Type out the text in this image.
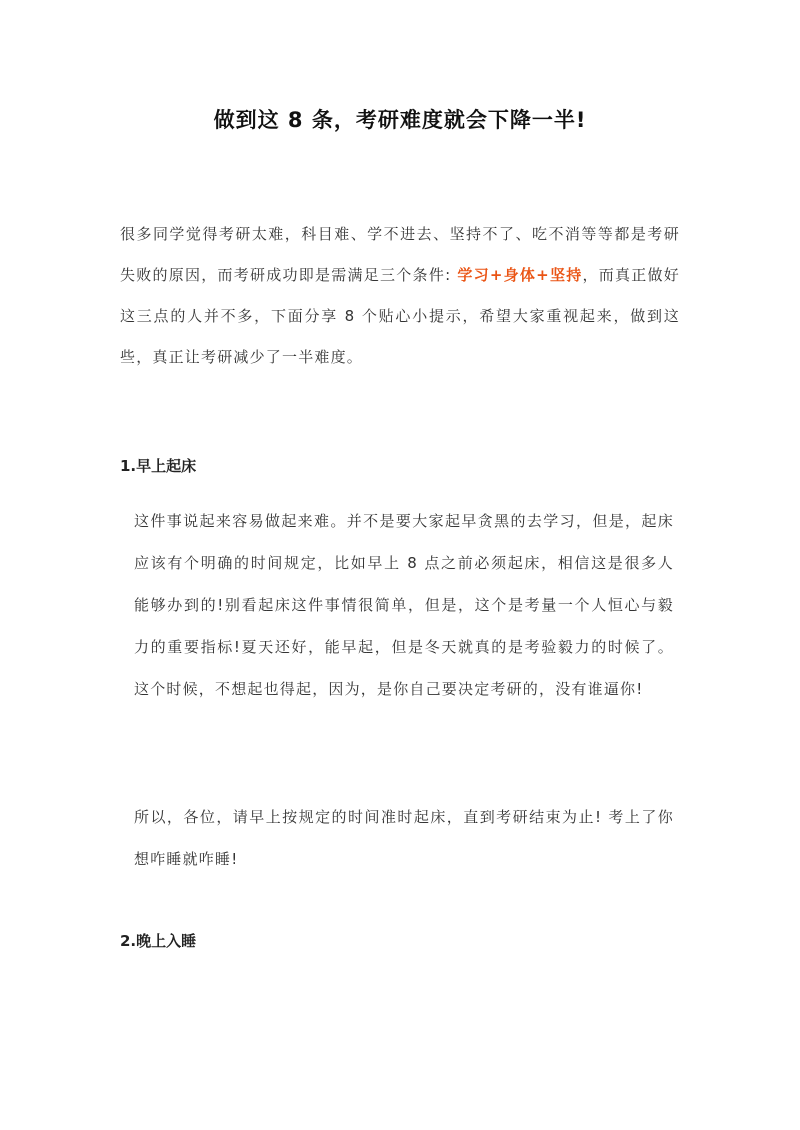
做到这 8 条，考研难度就会下降一半!

很多同学觉得考研太难，科目难、学不进去、坚持不了、吃不消等等都是考研失败的原因，而考研成功即是需满足三个条件: 学习+身体+坚持，而真正做好这三点的人并不多，下面分享 8 个贴心小提示，希望大家重视起来，做到这些，真正让考研减少了一半难度。

1.早上起床

这件事说起来容易做起来难。并不是要大家起早贪黑的去学习，但是，起床应该有个明确的时间规定，比如早上 8 点之前必须起床，相信这是很多人能够办到的!别看起床这件事情很简单，但是，这个是考量一个人恒心与毅力的重要指标!夏天还好，能早起，但是冬天就真的是考验毅力的时候了。这个时候，不想起也得起，因为，是你自己要决定考研的，没有谁逼你!

所以，各位，请早上按规定的时间准时起床，直到考研结束为止! 考上了你想咋睡就咋睡!

2.晚上入睡
